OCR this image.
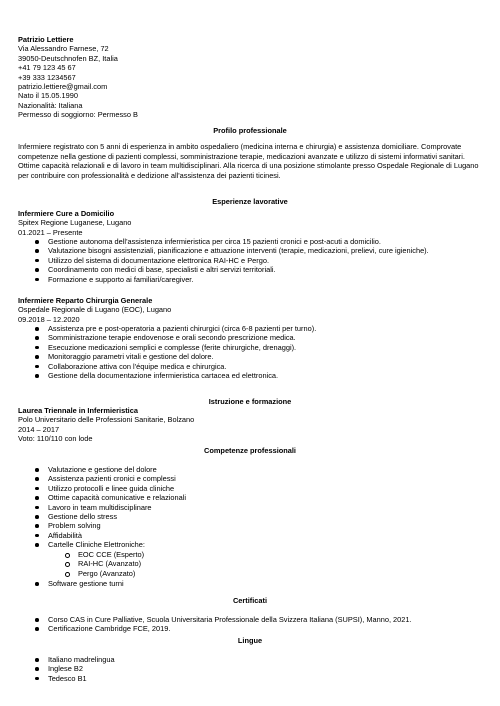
Patrizio Lettiere
Via Alessandro Farnese, 72
39050-Deutschnofen BZ, Italia
+41 79 123 45 67
+39 333 1234567
patrizio.lettiere@gmail.com
Nato il 15.05.1990
Nazionalità: Italiana
Permesso di soggiorno: Permesso B
Profilo professionale
Infermiere registrato con 5 anni di esperienza in ambito ospedaliero (medicina interna e chirurgia) e assistenza domiciliare. Comprovate competenze nella gestione di pazienti complessi, somministrazione terapie, medicazioni avanzate e utilizzo di sistemi informativi sanitari. Ottime capacità relazionali e di lavoro in team multidisciplinari. Alla ricerca di una posizione stimolante presso Ospedale Regionale di Lugano per contribuire con professionalità e dedizione all'assistenza dei pazienti ticinesi.
Esperienze lavorative
Infermiere Cure a Domicilio
Spitex Regione Luganese, Lugano
01.2021 – Presente
Gestione autonoma dell'assistenza infermieristica per circa 15 pazienti cronici e post-acuti a domicilio.
Valutazione bisogni assistenziali, pianificazione e attuazione interventi (terapie, medicazioni, prelievi, cure igieniche).
Utilizzo del sistema di documentazione elettronica RAI-HC e Pergo.
Coordinamento con medici di base, specialisti e altri servizi territoriali.
Formazione e supporto ai familiari/caregiver.
Infermiere Reparto Chirurgia Generale
Ospedale Regionale di Lugano (EOC), Lugano
09.2018 – 12.2020
Assistenza pre e post-operatoria a pazienti chirurgici (circa 6-8 pazienti per turno).
Somministrazione terapie endovenose e orali secondo prescrizione medica.
Esecuzione medicazioni semplici e complesse (ferite chirurgiche, drenaggi).
Monitoraggio parametri vitali e gestione del dolore.
Collaborazione attiva con l'équipe medica e chirurgica.
Gestione della documentazione infermieristica cartacea ed elettronica.
Istruzione e formazione
Laurea Triennale in Infermieristica
Polo Universitario delle Professioni Sanitarie, Bolzano
2014 – 2017
Voto: 110/110 con lode
Competenze professionali
Valutazione e gestione del dolore
Assistenza pazienti cronici e complessi
Utilizzo protocolli e linee guida cliniche
Ottime capacità comunicative e relazionali
Lavoro in team multidisciplinare
Gestione dello stress
Problem solving
Affidabilità
Cartelle Cliniche Elettroniche:
EOC CCE (Esperto)
RAI-HC (Avanzato)
Pergo (Avanzato)
Software gestione turni
Certificati
Corso CAS in Cure Palliative, Scuola Universitaria Professionale della Svizzera Italiana (SUPSI), Manno, 2021.
Certificazione Cambridge FCE, 2019.
Lingue
Italiano madrelingua
Inglese B2
Tedesco B1
